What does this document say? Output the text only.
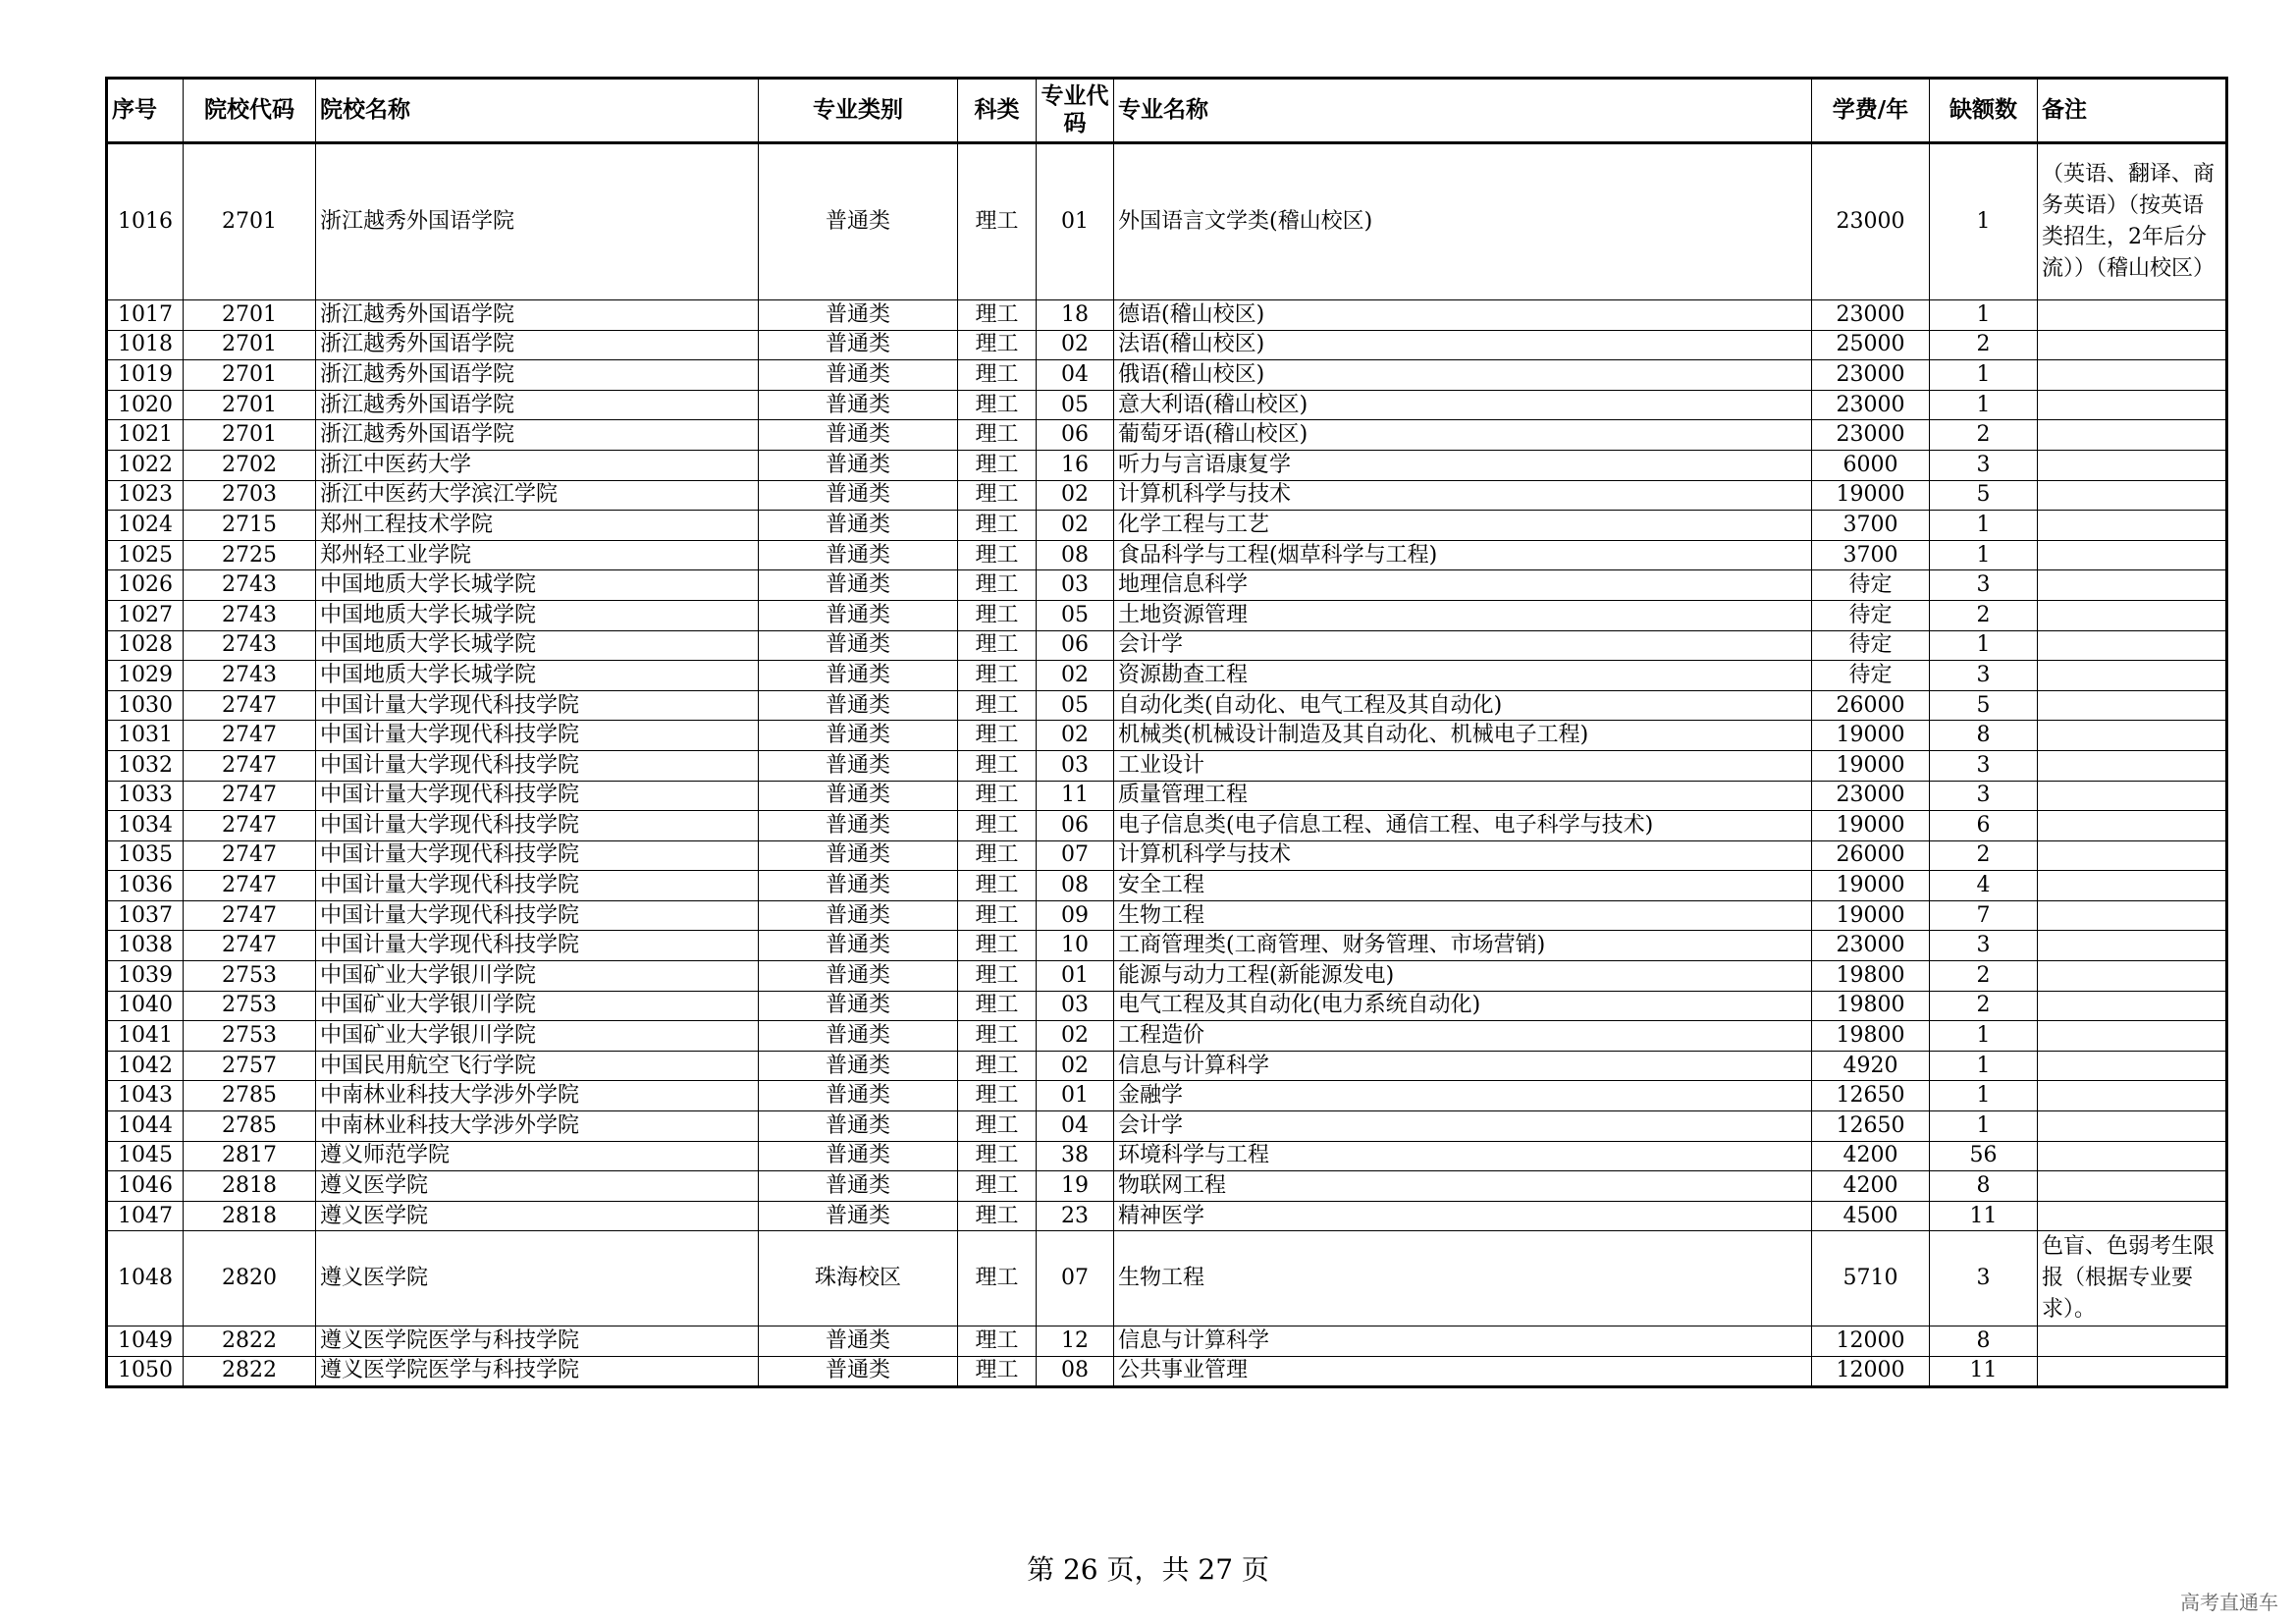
序号	院校代码	院校名称	专业类别	科类	专业代码	专业名称	学费/年	缺额数	备注
1016	2701	浙江越秀外国语学院	普通类	理工	01	外国语言文学类(稽山校区)	23000	1	（英语、翻译、商务英语）（按英语类招生，2年后分流））（稽山校区）
1017	2701	浙江越秀外国语学院	普通类	理工	18	德语(稽山校区)	23000	1	
1018	2701	浙江越秀外国语学院	普通类	理工	02	法语(稽山校区)	25000	2	
1019	2701	浙江越秀外国语学院	普通类	理工	04	俄语(稽山校区)	23000	1	
1020	2701	浙江越秀外国语学院	普通类	理工	05	意大利语(稽山校区)	23000	1	
1021	2701	浙江越秀外国语学院	普通类	理工	06	葡萄牙语(稽山校区)	23000	2	
1022	2702	浙江中医药大学	普通类	理工	16	听力与言语康复学	6000	3	
1023	2703	浙江中医药大学滨江学院	普通类	理工	02	计算机科学与技术	19000	5	
1024	2715	郑州工程技术学院	普通类	理工	02	化学工程与工艺	3700	1	
1025	2725	郑州轻工业学院	普通类	理工	08	食品科学与工程(烟草科学与工程)	3700	1	
1026	2743	中国地质大学长城学院	普通类	理工	03	地理信息科学	待定	3	
1027	2743	中国地质大学长城学院	普通类	理工	05	土地资源管理	待定	2	
1028	2743	中国地质大学长城学院	普通类	理工	06	会计学	待定	1	
1029	2743	中国地质大学长城学院	普通类	理工	02	资源勘查工程	待定	3	
1030	2747	中国计量大学现代科技学院	普通类	理工	05	自动化类(自动化、电气工程及其自动化)	26000	5	
1031	2747	中国计量大学现代科技学院	普通类	理工	02	机械类(机械设计制造及其自动化、机械电子工程)	19000	8	
1032	2747	中国计量大学现代科技学院	普通类	理工	03	工业设计	19000	3	
1033	2747	中国计量大学现代科技学院	普通类	理工	11	质量管理工程	23000	3	
1034	2747	中国计量大学现代科技学院	普通类	理工	06	电子信息类(电子信息工程、通信工程、电子科学与技术)	19000	6	
1035	2747	中国计量大学现代科技学院	普通类	理工	07	计算机科学与技术	26000	2	
1036	2747	中国计量大学现代科技学院	普通类	理工	08	安全工程	19000	4	
1037	2747	中国计量大学现代科技学院	普通类	理工	09	生物工程	19000	7	
1038	2747	中国计量大学现代科技学院	普通类	理工	10	工商管理类(工商管理、财务管理、市场营销)	23000	3	
1039	2753	中国矿业大学银川学院	普通类	理工	01	能源与动力工程(新能源发电)	19800	2	
1040	2753	中国矿业大学银川学院	普通类	理工	03	电气工程及其自动化(电力系统自动化)	19800	2	
1041	2753	中国矿业大学银川学院	普通类	理工	02	工程造价	19800	1	
1042	2757	中国民用航空飞行学院	普通类	理工	02	信息与计算科学	4920	1	
1043	2785	中南林业科技大学涉外学院	普通类	理工	01	金融学	12650	1	
1044	2785	中南林业科技大学涉外学院	普通类	理工	04	会计学	12650	1	
1045	2817	遵义师范学院	普通类	理工	38	环境科学与工程	4200	56	
1046	2818	遵义医学院	普通类	理工	19	物联网工程	4200	8	
1047	2818	遵义医学院	普通类	理工	23	精神医学	4500	11	
1048	2820	遵义医学院	珠海校区	理工	07	生物工程	5710	3	色盲、色弱考生限报（根据专业要求）。
1049	2822	遵义医学院医学与科技学院	普通类	理工	12	信息与计算科学	12000	8	
1050	2822	遵义医学院医学与科技学院	普通类	理工	08	公共事业管理	12000	11	
第 26 页，共 27 页
高考直通车
